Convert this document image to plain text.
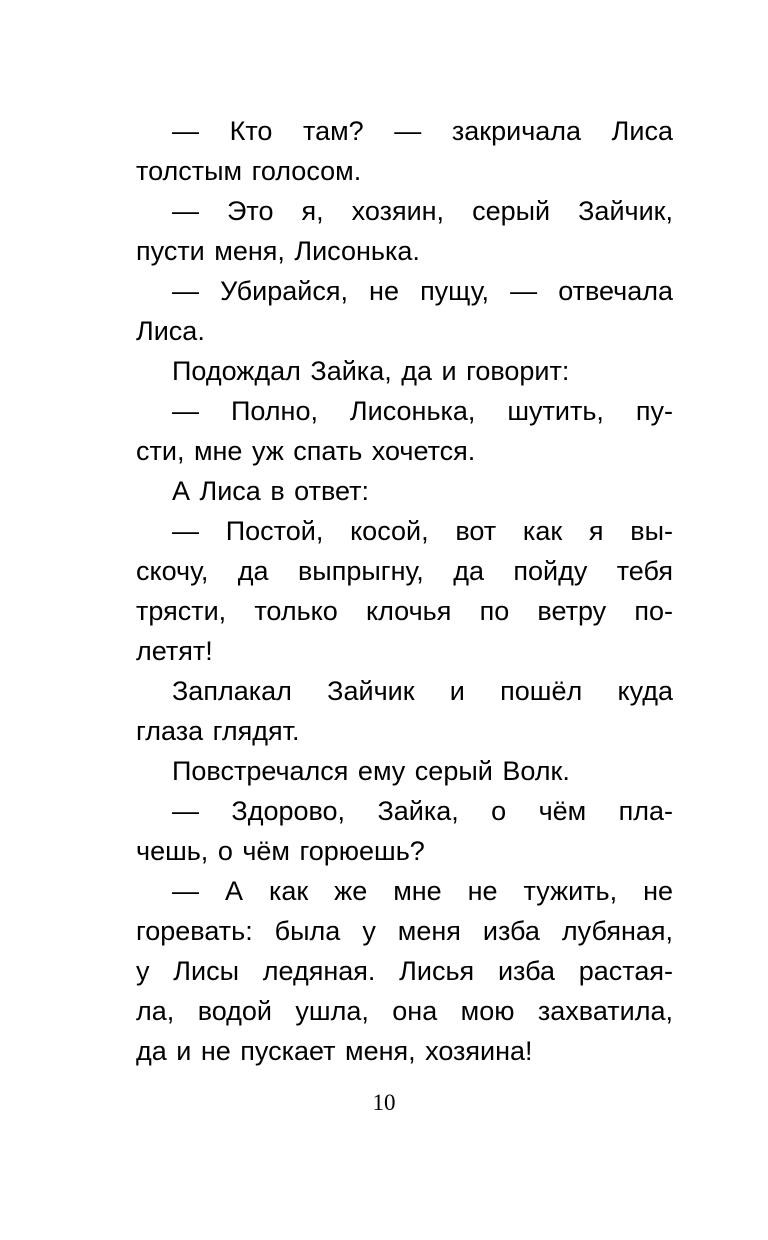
— Кто там? — закричала Лиса
толстым голосом.
— Это я, хозяин, серый Зайчик,
пусти меня, Лисонька.
— Убирайся, не пущу, — отвечала
Лиса.
Подождал Зайка, да и говорит:
— Полно, Лисонька, шутить, пу-
сти, мне уж спать хочется.
А Лиса в ответ:
— Постой, косой, вот как я вы-
скочу, да выпрыгну, да пойду тебя
трясти, только клочья по ветру по-
летят!
Заплакал Зайчик и пошёл куда
глаза глядят.
Повстречался ему серый Волк.
— Здорово, Зайка, о чём пла-
чешь, о чём горюешь?
— А как же мне не тужить, не
горевать: была у меня изба лубяная,
у Лисы ледяная. Лисья изба растая-
ла, водой ушла, она мою захватила,
да и не пускает меня, хозяина!
10
